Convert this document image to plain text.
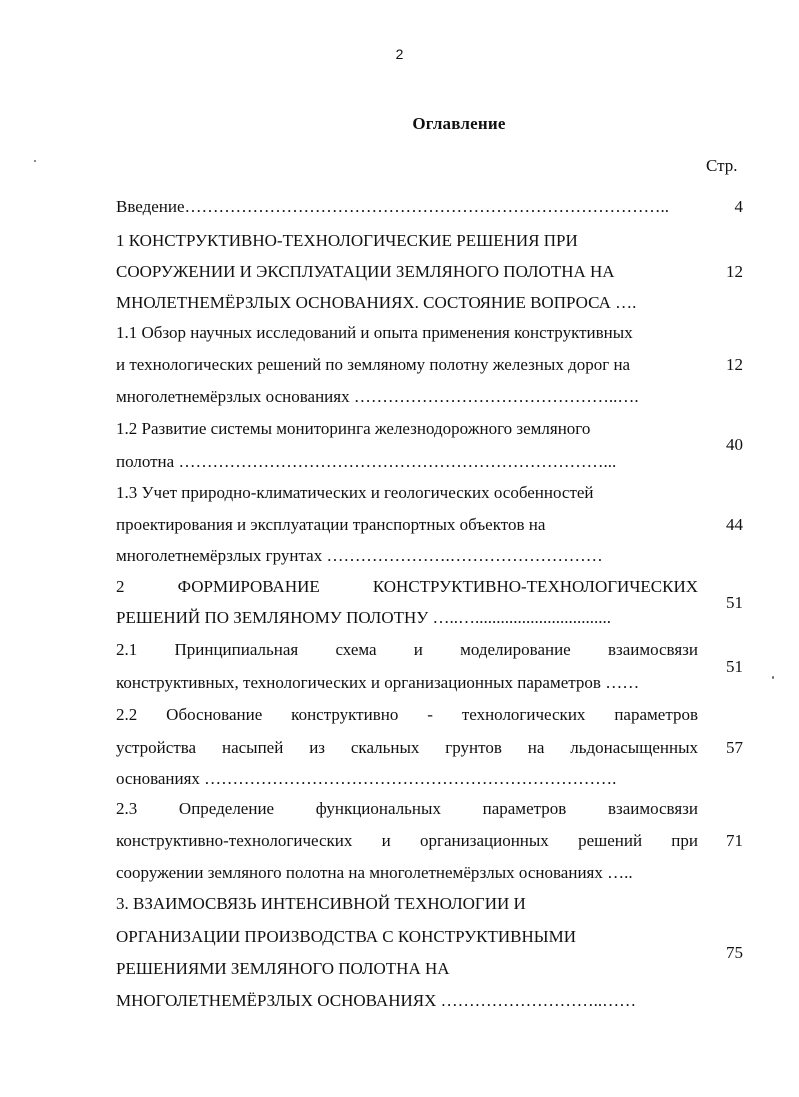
2
Оглавление
Стр.
Введение…………………………………………………………………………..	4
1 КОНСТРУКТИВНО-ТЕХНОЛОГИЧЕСКИЕ РЕШЕНИЯ ПРИ
СООРУЖЕНИИ И ЭКСПЛУАТАЦИИ ЗЕМЛЯНОГО ПОЛОТНА НА
МНОЛЕТНЕМЁРЗЛЫХ ОСНОВАНИЯХ. СОСТОЯНИЕ ВОПРОСА ….
12
1.1 Обзор научных исследований и опыта применения конструктивных
и технологических решений по земляному полотну железных дорог на
многолетнемёрзлых основаниях ………………………………………..….
12
1.2 Развитие системы мониторинга железнодорожного земляного
полотна …………………………………………………………………...
40
1.3 Учет природно-климатических и геологических особенностей
проектирования и эксплуатации транспортных объектов на
многолетнемёрзлых грунтах ………………….………………………
44
2 ФОРМИРОВАНИЕ КОНСТРУКТИВНО-ТЕХНОЛОГИЧЕСКИХ
РЕШЕНИЙ ПО ЗЕМЛЯНОМУ ПОЛОТНУ …..…................................
51
2.1 Принципиальная схема и моделирование взаимосвязи
конструктивных, технологических и организационных параметров ……
51
2.2 Обоснование конструктивно - технологических параметров
устройства насыпей из скальных грунтов на льдонасыщенных
основаниях ……………………………………………………………….
57
2.3 Определение функциональных параметров взаимосвязи
конструктивно-технологических и организационных решений при
сооружении земляного полотна на многолетнемёрзлых основаниях …..
71
3. ВЗАИМОСВЯЗЬ ИНТЕНСИВНОЙ ТЕХНОЛОГИИ И
ОРГАНИЗАЦИИ ПРОИЗВОДСТВА С КОНСТРУКТИВНЫМИ
РЕШЕНИЯМИ ЗЕМЛЯНОГО ПОЛОТНА НА
МНОГОЛЕТНЕМЁРЗЛЫХ ОСНОВАНИЯХ ………………………..……
75
